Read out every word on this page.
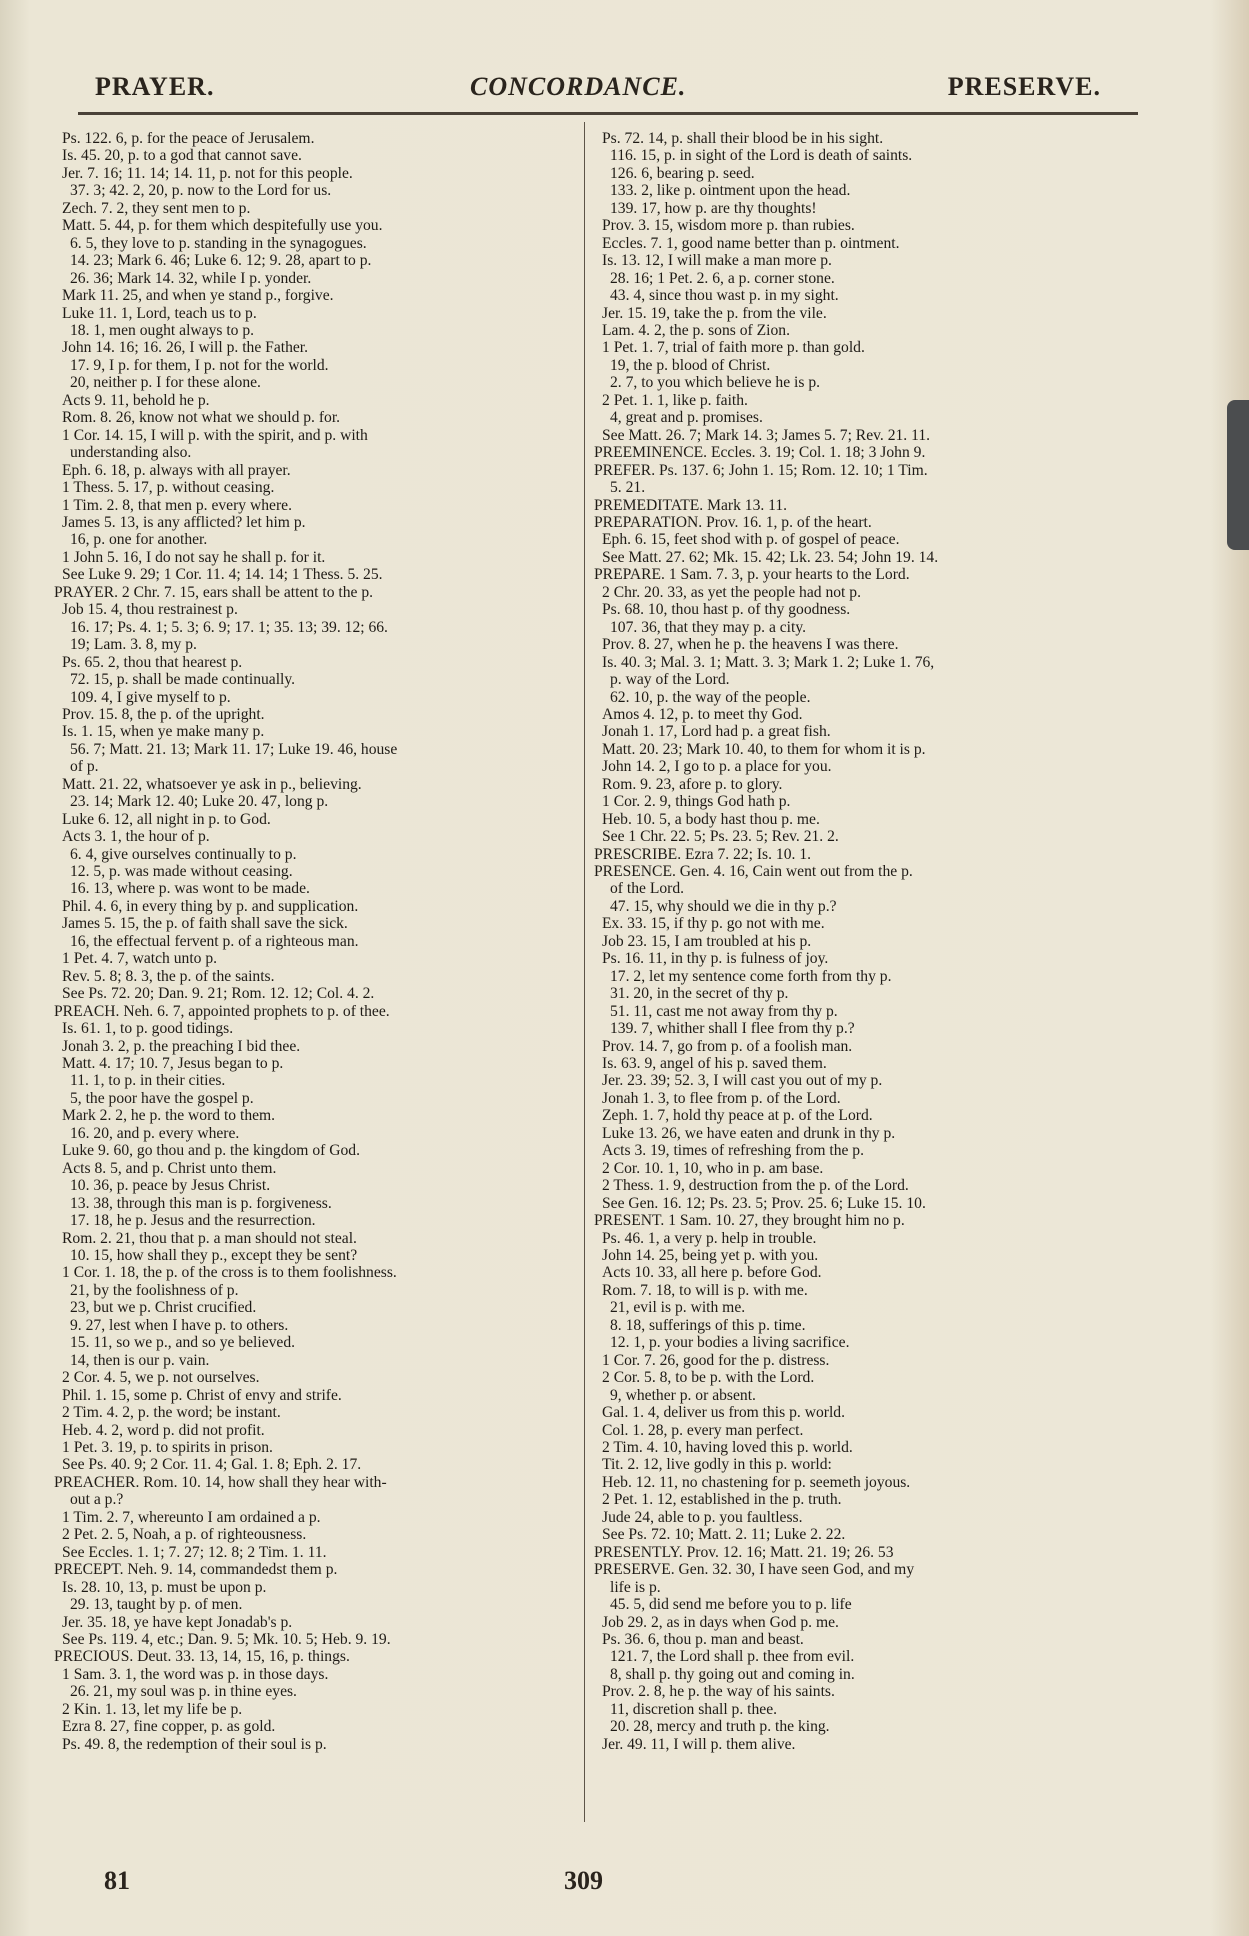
PRAYER.	CONCORDANCE.	PRESERVE.
Ps. 122. 6, p. for the peace of Jerusalem.
Is. 45. 20, p. to a god that cannot save.
Jer. 7. 16; 11. 14; 14. 11, p. not for this people.
37. 3; 42. 2, 20, p. now to the Lord for us.
Zech. 7. 2, they sent men to p.
Matt. 5. 44, p. for them which despitefully use you.
6. 5, they love to p. standing in the synagogues.
14. 23; Mark 6. 46; Luke 6. 12; 9. 28, apart to p.
26. 36; Mark 14. 32, while I p. yonder.
Mark 11. 25, and when ye stand p., forgive.
Luke 11. 1, Lord, teach us to p.
18. 1, men ought always to p.
John 14. 16; 16. 26, I will p. the Father.
17. 9, I p. for them, I p. not for the world.
20, neither p. I for these alone.
Acts 9. 11, behold he p.
Rom. 8. 26, know not what we should p. for.
1 Cor. 14. 15, I will p. with the spirit, and p. with
understanding also.
Eph. 6. 18, p. always with all prayer.
1 Thess. 5. 17, p. without ceasing.
1 Tim. 2. 8, that men p. every where.
James 5. 13, is any afflicted? let him p.
16, p. one for another.
1 John 5. 16, I do not say he shall p. for it.
See Luke 9. 29; 1 Cor. 11. 4; 14. 14; 1 Thess. 5. 25.
PRAYER. 2 Chr. 7. 15, ears shall be attent to the p.
Job 15. 4, thou restrainest p.
16. 17; Ps. 4. 1; 5. 3; 6. 9; 17. 1; 35. 13; 39. 12; 66.
19; Lam. 3. 8, my p.
Ps. 65. 2, thou that hearest p.
72. 15, p. shall be made continually.
109. 4, I give myself to p.
Prov. 15. 8, the p. of the upright.
Is. 1. 15, when ye make many p.
56. 7; Matt. 21. 13; Mark 11. 17; Luke 19. 46, house
of p.
Matt. 21. 22, whatsoever ye ask in p., believing.
23. 14; Mark 12. 40; Luke 20. 47, long p.
Luke 6. 12, all night in p. to God.
Acts 3. 1, the hour of p.
6. 4, give ourselves continually to p.
12. 5, p. was made without ceasing.
16. 13, where p. was wont to be made.
Phil. 4. 6, in every thing by p. and supplication.
James 5. 15, the p. of faith shall save the sick.
16, the effectual fervent p. of a righteous man.
1 Pet. 4. 7, watch unto p.
Rev. 5. 8; 8. 3, the p. of the saints.
See Ps. 72. 20; Dan. 9. 21; Rom. 12. 12; Col. 4. 2.
PREACH. Neh. 6. 7, appointed prophets to p. of thee.
Is. 61. 1, to p. good tidings.
Jonah 3. 2, p. the preaching I bid thee.
Matt. 4. 17; 10. 7, Jesus began to p.
11. 1, to p. in their cities.
5, the poor have the gospel p.
Mark 2. 2, he p. the word to them.
16. 20, and p. every where.
Luke 9. 60, go thou and p. the kingdom of God.
Acts 8. 5, and p. Christ unto them.
10. 36, p. peace by Jesus Christ.
13. 38, through this man is p. forgiveness.
17. 18, he p. Jesus and the resurrection.
Rom. 2. 21, thou that p. a man should not steal.
10. 15, how shall they p., except they be sent?
1 Cor. 1. 18, the p. of the cross is to them foolishness.
21, by the foolishness of p.
23, but we p. Christ crucified.
9. 27, lest when I have p. to others.
15. 11, so we p., and so ye believed.
14, then is our p. vain.
2 Cor. 4. 5, we p. not ourselves.
Phil. 1. 15, some p. Christ of envy and strife.
2 Tim. 4. 2, p. the word; be instant.
Heb. 4. 2, word p. did not profit.
1 Pet. 3. 19, p. to spirits in prison.
See Ps. 40. 9; 2 Cor. 11. 4; Gal. 1. 8; Eph. 2. 17.
PREACHER. Rom. 10. 14, how shall they hear with-
out a p.?
1 Tim. 2. 7, whereunto I am ordained a p.
2 Pet. 2. 5, Noah, a p. of righteousness.
See Eccles. 1. 1; 7. 27; 12. 8; 2 Tim. 1. 11.
PRECEPT. Neh. 9. 14, commandedst them p.
Is. 28. 10, 13, p. must be upon p.
29. 13, taught by p. of men.
Jer. 35. 18, ye have kept Jonadab's p.
See Ps. 119. 4, etc.; Dan. 9. 5; Mk. 10. 5; Heb. 9. 19.
PRECIOUS. Deut. 33. 13, 14, 15, 16, p. things.
1 Sam. 3. 1, the word was p. in those days.
26. 21, my soul was p. in thine eyes.
2 Kin. 1. 13, let my life be p.
Ezra 8. 27, fine copper, p. as gold.
Ps. 49. 8, the redemption of their soul is p.
Ps. 72. 14, p. shall their blood be in his sight.
116. 15, p. in sight of the Lord is death of saints.
126. 6, bearing p. seed.
133. 2, like p. ointment upon the head.
139. 17, how p. are thy thoughts!
Prov. 3. 15, wisdom more p. than rubies.
Eccles. 7. 1, good name better than p. ointment.
Is. 13. 12, I will make a man more p.
28. 16; 1 Pet. 2. 6, a p. corner stone.
43. 4, since thou wast p. in my sight.
Jer. 15. 19, take the p. from the vile.
Lam. 4. 2, the p. sons of Zion.
1 Pet. 1. 7, trial of faith more p. than gold.
19, the p. blood of Christ.
2. 7, to you which believe he is p.
2 Pet. 1. 1, like p. faith.
4, great and p. promises.
See Matt. 26. 7; Mark 14. 3; James 5. 7; Rev. 21. 11.
PREEMINENCE. Eccles. 3. 19; Col. 1. 18; 3 John 9.
PREFER. Ps. 137. 6; John 1. 15; Rom. 12. 10; 1 Tim.
5. 21.
PREMEDITATE. Mark 13. 11.
PREPARATION. Prov. 16. 1, p. of the heart.
Eph. 6. 15, feet shod with p. of gospel of peace.
See Matt. 27. 62; Mk. 15. 42; Lk. 23. 54; John 19. 14.
PREPARE. 1 Sam. 7. 3, p. your hearts to the Lord.
2 Chr. 20. 33, as yet the people had not p.
Ps. 68. 10, thou hast p. of thy goodness.
107. 36, that they may p. a city.
Prov. 8. 27, when he p. the heavens I was there.
Is. 40. 3; Mal. 3. 1; Matt. 3. 3; Mark 1. 2; Luke 1. 76,
p. way of the Lord.
62. 10, p. the way of the people.
Amos 4. 12, p. to meet thy God.
Jonah 1. 17, Lord had p. a great fish.
Matt. 20. 23; Mark 10. 40, to them for whom it is p.
John 14. 2, I go to p. a place for you.
Rom. 9. 23, afore p. to glory.
1 Cor. 2. 9, things God hath p.
Heb. 10. 5, a body hast thou p. me.
See 1 Chr. 22. 5; Ps. 23. 5; Rev. 21. 2.
PRESCRIBE. Ezra 7. 22; Is. 10. 1.
PRESENCE. Gen. 4. 16, Cain went out from the p.
of the Lord.
47. 15, why should we die in thy p.?
Ex. 33. 15, if thy p. go not with me.
Job 23. 15, I am troubled at his p.
Ps. 16. 11, in thy p. is fulness of joy.
17. 2, let my sentence come forth from thy p.
31. 20, in the secret of thy p.
51. 11, cast me not away from thy p.
139. 7, whither shall I flee from thy p.?
Prov. 14. 7, go from p. of a foolish man.
Is. 63. 9, angel of his p. saved them.
Jer. 23. 39; 52. 3, I will cast you out of my p.
Jonah 1. 3, to flee from p. of the Lord.
Zeph. 1. 7, hold thy peace at p. of the Lord.
Luke 13. 26, we have eaten and drunk in thy p.
Acts 3. 19, times of refreshing from the p.
2 Cor. 10. 1, 10, who in p. am base.
2 Thess. 1. 9, destruction from the p. of the Lord.
See Gen. 16. 12; Ps. 23. 5; Prov. 25. 6; Luke 15. 10.
PRESENT. 1 Sam. 10. 27, they brought him no p.
Ps. 46. 1, a very p. help in trouble.
John 14. 25, being yet p. with you.
Acts 10. 33, all here p. before God.
Rom. 7. 18, to will is p. with me.
21, evil is p. with me.
8. 18, sufferings of this p. time.
12. 1, p. your bodies a living sacrifice.
1 Cor. 7. 26, good for the p. distress.
2 Cor. 5. 8, to be p. with the Lord.
9, whether p. or absent.
Gal. 1. 4, deliver us from this p. world.
Col. 1. 28, p. every man perfect.
2 Tim. 4. 10, having loved this p. world.
Tit. 2. 12, live godly in this p. world:
Heb. 12. 11, no chastening for p. seemeth joyous.
2 Pet. 1. 12, established in the p. truth.
Jude 24, able to p. you faultless.
See Ps. 72. 10; Matt. 2. 11; Luke 2. 22.
PRESENTLY. Prov. 12. 16; Matt. 21. 19; 26. 53
PRESERVE. Gen. 32. 30, I have seen God, and my
life is p.
45. 5, did send me before you to p. life
Job 29. 2, as in days when God p. me.
Ps. 36. 6, thou p. man and beast.
121. 7, the Lord shall p. thee from evil.
8, shall p. thy going out and coming in.
Prov. 2. 8, he p. the way of his saints.
11, discretion shall p. thee.
20. 28, mercy and truth p. the king.
Jer. 49. 11, I will p. them alive.
81	309
